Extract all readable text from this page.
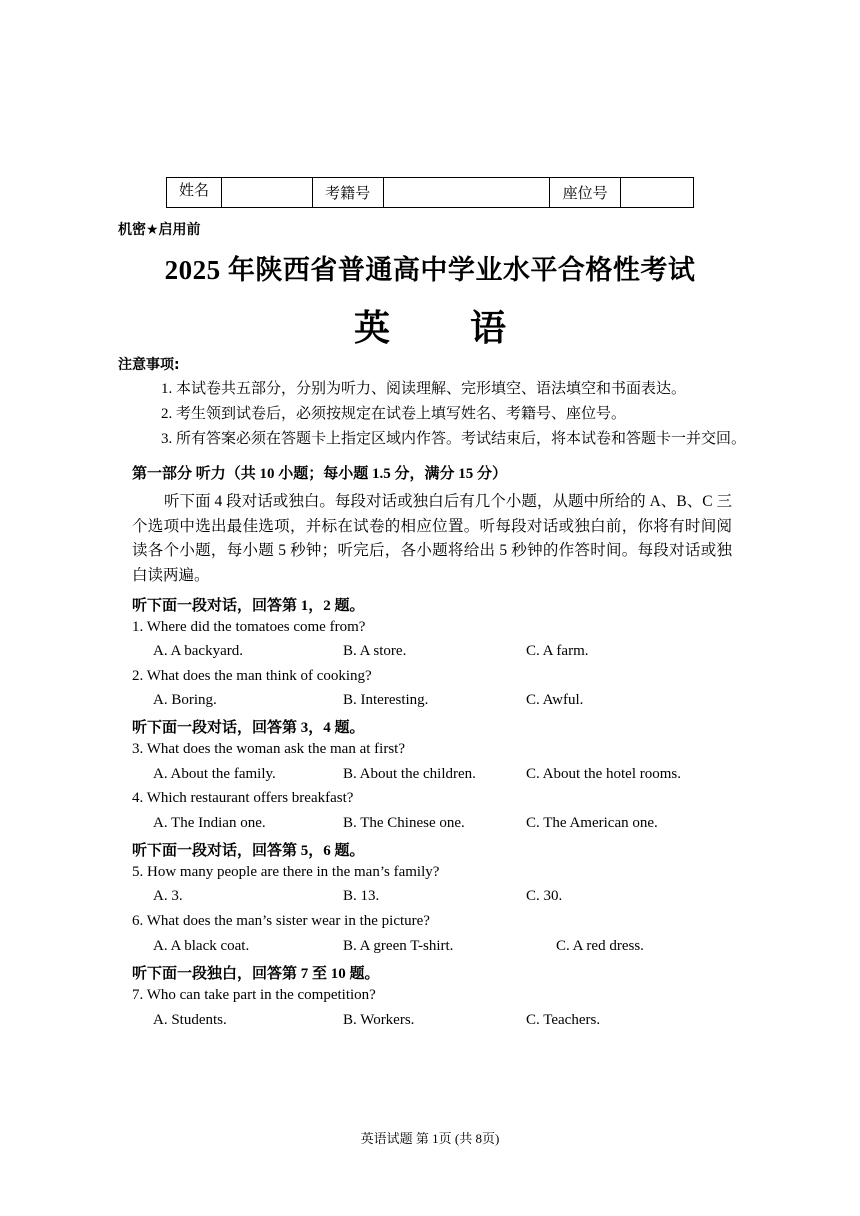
姓名		考籍号		座位号	
机密★启用前
2025 年陕西省普通高中学业水平合格性考试
英 语
注意事项:
1. 本试卷共五部分，分别为听力、阅读理解、完形填空、语法填空和书面表达。
2. 考生领到试卷后，必须按规定在试卷上填写姓名、考籍号、座位号。
3. 所有答案必须在答题卡上指定区域内作答。考试结束后，将本试卷和答题卡一并交回。
第一部分 听力（共 10 小题；每小题 1.5 分，满分 15 分）
听下面 4 段对话或独白。每段对话或独白后有几个小题，从题中所给的 A、B、C 三个选项中选出最佳选项，并标在试卷的相应位置。听每段对话或独白前，你将有时间阅读各个小题，每小题 5 秒钟；听完后，各小题将给出 5 秒钟的作答时间。每段对话或独白读两遍。
听下面一段对话，回答第 1，2 题。
1. Where did the tomatoes come from?
A. A backyard.	B. A store.	C. A farm.
2. What does the man think of cooking?
A. Boring.	B. Interesting.	C. Awful.
听下面一段对话，回答第 3，4 题。
3. What does the woman ask the man at first?
A. About the family.	B. About the children.	C. About the hotel rooms.
4. Which restaurant offers breakfast?
A. The Indian one.	B. The Chinese one.	C. The American one.
听下面一段对话，回答第 5，6 题。
5. How many people are there in the man’s family?
A. 3.	B. 13.	C. 30.
6. What does the man’s sister wear in the picture?
A. A black coat.	B. A green T-shirt.	C. A red dress.
听下面一段独白，回答第 7 至 10 题。
7. Who can take part in the competition?
A. Students.	B. Workers.	C. Teachers.
英语试题 第 1页 (共 8页)
